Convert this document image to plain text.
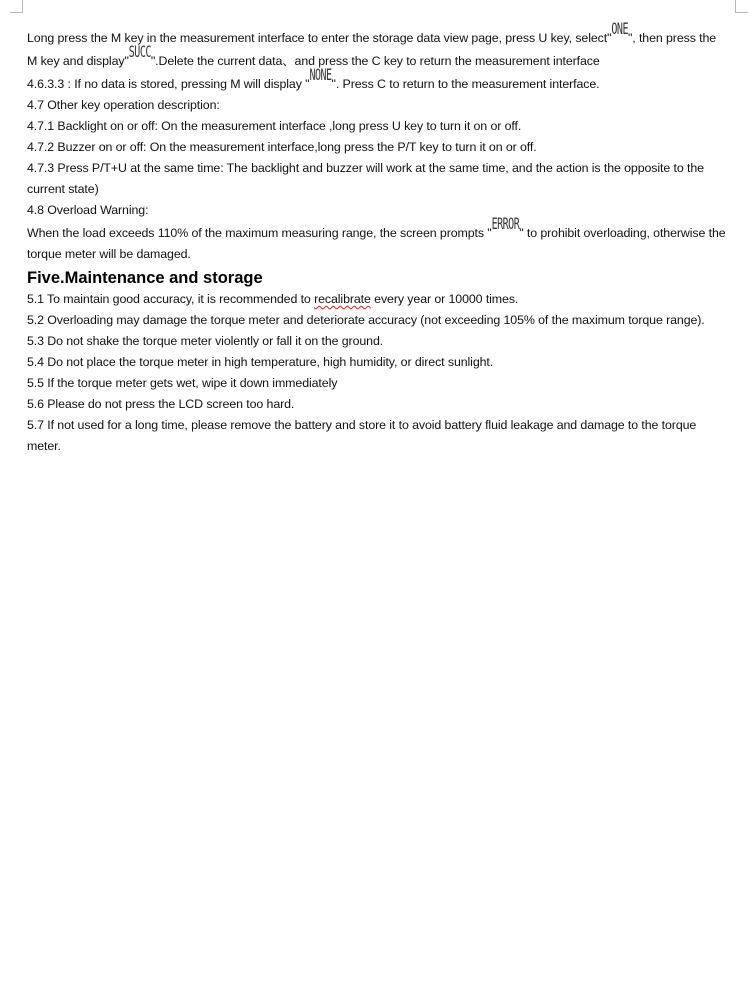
Long press the M key in the measurement interface to enter the storage data view page, press U key, select"ONE", then press the M key and display"SUCC".Delete the current data、and press the C key to return the measurement interface

4.6.3.3 : If no data is stored, pressing M will display "NONE". Press C to return to the measurement interface.

4.7 Other key operation description:

4.7.1 Backlight on or off: On the measurement interface ,long press U key to turn it on or off.

4.7.2 Buzzer on or off: On the measurement interface,long press the P/T key to turn it on or off.

4.7.3 Press P/T+U at the same time: The backlight and buzzer will work at the same time, and the action is the opposite to the current state)

4.8 Overload Warning:

When the load exceeds 110% of the maximum measuring range, the screen prompts "ERROR" to prohibit overloading, otherwise the torque meter will be damaged.

Five.Maintenance and storage

5.1 To maintain good accuracy, it is recommended to recalibrate every year or 10000 times.

5.2 Overloading may damage the torque meter and deteriorate accuracy (not exceeding 105% of the maximum torque range).

5.3 Do not shake the torque meter violently or fall it on the ground.

5.4 Do not place the torque meter in high temperature, high humidity, or direct sunlight.

5.5 If the torque meter gets wet, wipe it down immediately

5.6 Please do not press the LCD screen too hard.

5.7 If not used for a long time, please remove the battery and store it to avoid battery fluid leakage and damage to the torque meter.
